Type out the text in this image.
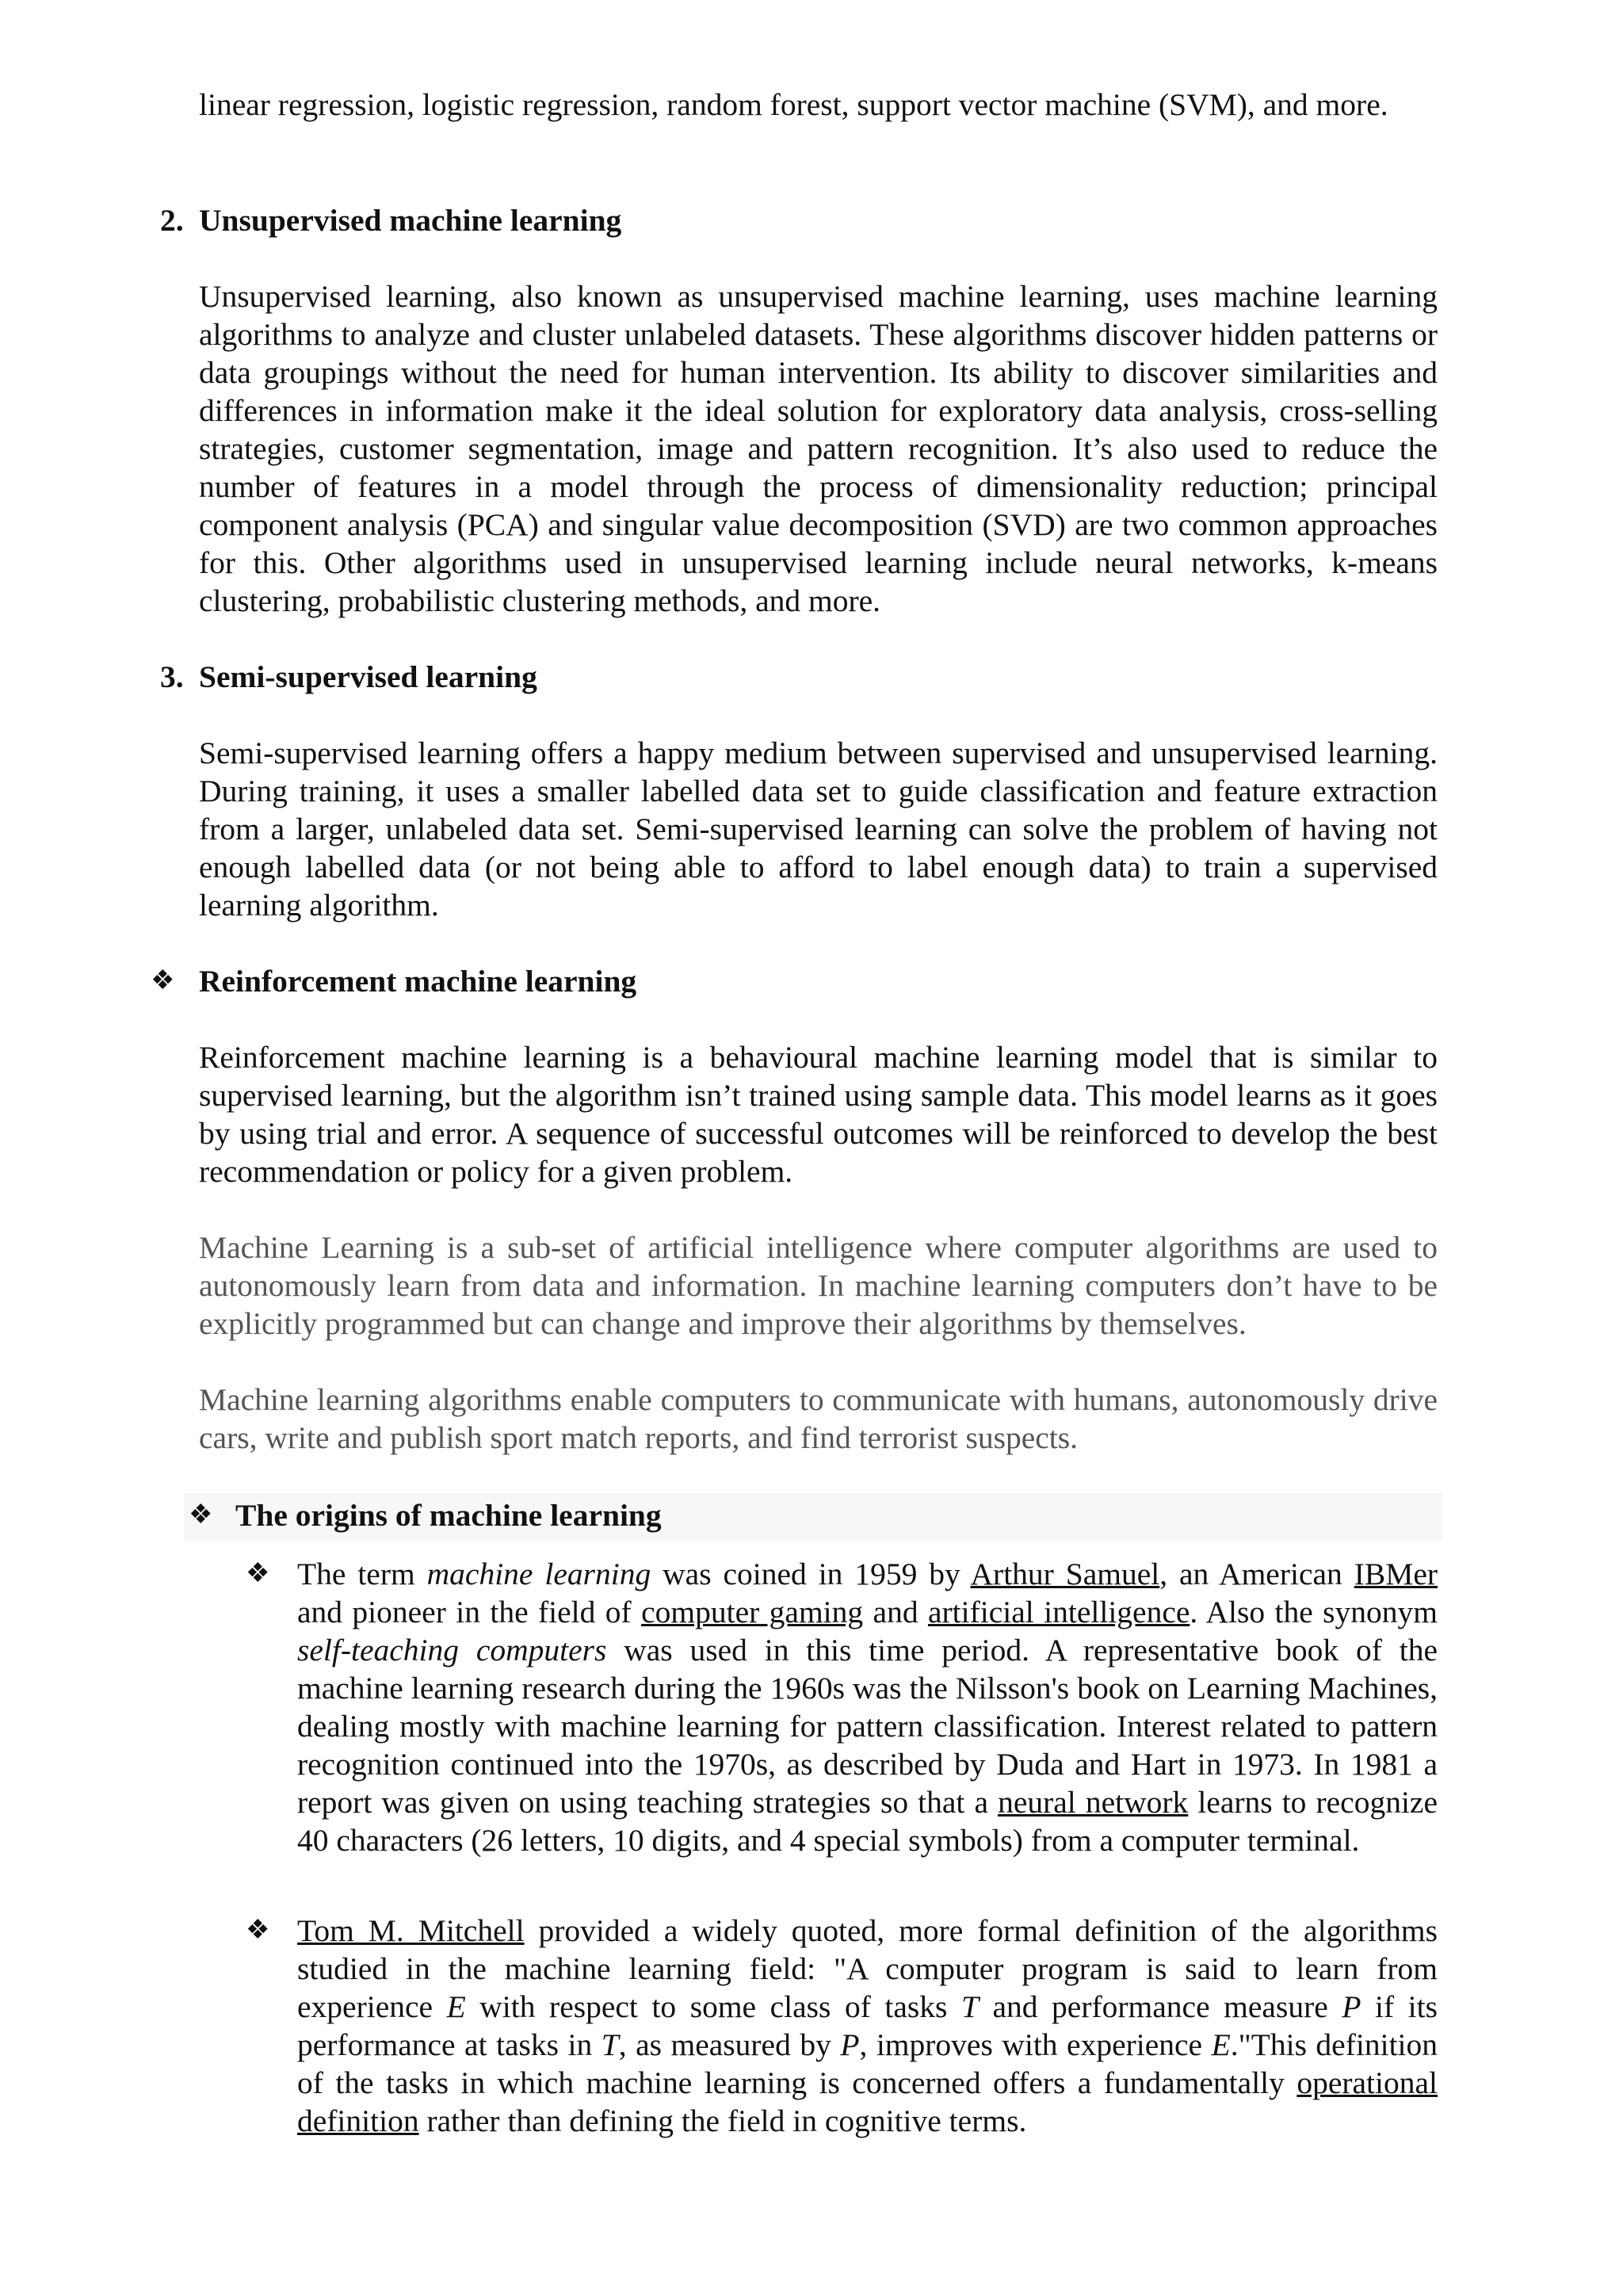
linear regression, logistic regression, random forest, support vector machine (SVM), and more.

2. Unsupervised machine learning

Unsupervised learning, also known as unsupervised machine learning, uses machine learning algorithms to analyze and cluster unlabeled datasets. These algorithms discover hidden patterns or data groupings without the need for human intervention. Its ability to discover similarities and differences in information make it the ideal solution for exploratory data analysis, cross-selling strategies, customer segmentation, image and pattern recognition. It’s also used to reduce the number of features in a model through the process of dimensionality reduction; principal component analysis (PCA) and singular value decomposition (SVD) are two common approaches for this. Other algorithms used in unsupervised learning include neural networks, k-means clustering, probabilistic clustering methods, and more.

3. Semi-supervised learning

Semi-supervised learning offers a happy medium between supervised and unsupervised learning. During training, it uses a smaller labelled data set to guide classification and feature extraction from a larger, unlabeled data set. Semi-supervised learning can solve the problem of having not enough labelled data (or not being able to afford to label enough data) to train a supervised learning algorithm.

❖ Reinforcement machine learning

Reinforcement machine learning is a behavioural machine learning model that is similar to supervised learning, but the algorithm isn’t trained using sample data. This model learns as it goes by using trial and error. A sequence of successful outcomes will be reinforced to develop the best recommendation or policy for a given problem.

Machine Learning is a sub-set of artificial intelligence where computer algorithms are used to autonomously learn from data and information. In machine learning computers don’t have to be explicitly programmed but can change and improve their algorithms by themselves.

Machine learning algorithms enable computers to communicate with humans, autonomously drive cars, write and publish sport match reports, and find terrorist suspects.

❖ The origins of machine learning
❖ The term machine learning was coined in 1959 by Arthur Samuel, an American IBMer and pioneer in the field of computer gaming and artificial intelligence. Also the synonym self-teaching computers was used in this time period. A representative book of the machine learning research during the 1960s was the Nilsson's book on Learning Machines, dealing mostly with machine learning for pattern classification. Interest related to pattern recognition continued into the 1970s, as described by Duda and Hart in 1973. In 1981 a report was given on using teaching strategies so that a neural network learns to recognize 40 characters (26 letters, 10 digits, and 4 special symbols) from a computer terminal.

❖ Tom M. Mitchell provided a widely quoted, more formal definition of the algorithms studied in the machine learning field: "A computer program is said to learn from experience E with respect to some class of tasks T and performance measure P if its performance at tasks in T, as measured by P, improves with experience E."This definition of the tasks in which machine learning is concerned offers a fundamentally operational definition rather than defining the field in cognitive terms.
